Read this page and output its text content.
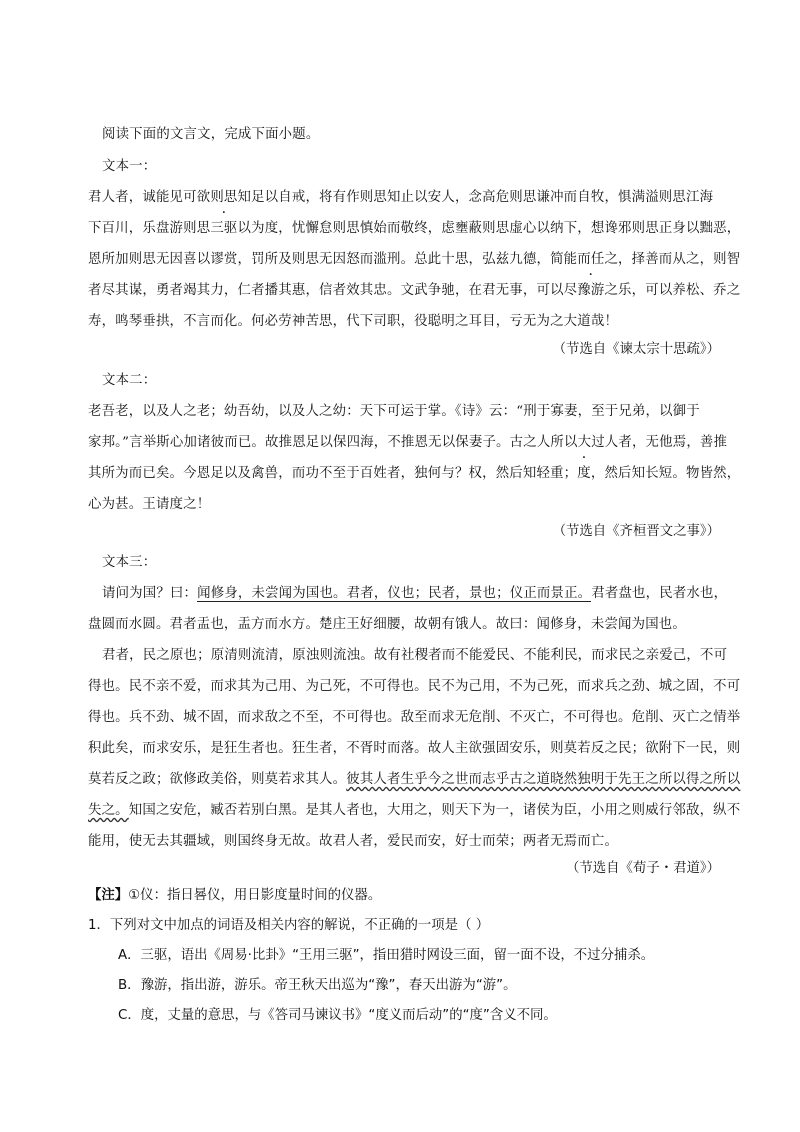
阅读下面的文言文，完成下面小题。
文本一：
君人者，诚能见可欲则思知足以自戒，将有作则思知止以安人，念高危则思谦冲而自牧，惧满溢则思江海
下百川，乐盘游则思三驱以为度，忧懈怠则思慎始而敬终，虑壅蔽则思虚心以纳下，想谗邪则思正身以黜恶，
恩所加则思无因喜以谬赏，罚所及则思无因怒而滥刑。总此十思，弘兹九德，简能而任之，择善而从之，则智
者尽其谋，勇者竭其力，仁者播其惠，信者效其忠。文武争驰，在君无事，可以尽豫游之乐，可以养松、乔之
寿，鸣琴垂拱，不言而化。何必劳神苦思，代下司职，役聪明之耳目，亏无为之大道哉！
（节选自《谏太宗十思疏》）
文本二：
老吾老，以及人之老；幼吾幼，以及人之幼：天下可运于掌。《诗》云：“刑于寡妻，至于兄弟，以御于
家邦。”言举斯心加诸彼而已。故推恩足以保四海，不推恩无以保妻子。古之人所以大过人者，无他焉，善推
其所为而已矣。今恩足以及禽兽，而功不至于百姓者，独何与？权，然后知轻重；度，然后知长短。物皆然，
心为甚。王请度之！
（节选自《齐桓晋文之事》）
文本三：
请问为国？曰：闻修身，未尝闻为国也。君者，仪也；民者，景也；仪正而景正。君者盘也，民者水也，
盘圆而水圆。君者盂也，盂方而水方。楚庄王好细腰，故朝有饿人。故曰：闻修身，未尝闻为国也。
君者，民之原也；原清则流清，原浊则流浊。故有社稷者而不能爱民、不能利民，而求民之亲爱己，不可
得也。民不亲不爱，而求其为己用、为己死，不可得也。民不为己用，不为己死，而求兵之劲、城之固，不可
得也。兵不劲、城不固，而求敌之不至，不可得也。敌至而求无危削、不灭亡，不可得也。危削、灭亡之情举
积此矣，而求安乐，是狂生者也。狂生者，不胥时而落。故人主欲强固安乐，则莫若反之民；欲附下一民，则
莫若反之政；欲修政美俗，则莫若求其人。彼其人者生乎今之世而志乎古之道晓然独明于先王之所以得之所以
失之。知国之安危，臧否若别白黑。是其人者也，大用之，则天下为一，诸侯为臣，小用之则威行邻敌，纵不
能用，使无去其疆域，则国终身无故。故君人者，爱民而安，好士而荣；两者无焉而亡。
（节选自《荀子・君道》）
【注】①仪：指日晷仪，用日影度量时间的仪器。
1．下列对文中加点的词语及相关内容的解说，不正确的一项是（ ）
A．三驱，语出《周易·比卦》“王用三驱”，指田猎时网设三面，留一面不设，不过分捕杀。
B．豫游，指出游，游乐。帝王秋天出巡为“豫”，春天出游为“游”。
C．度，丈量的意思，与《答司马谏议书》“度义而后动”的“度”含义不同。
